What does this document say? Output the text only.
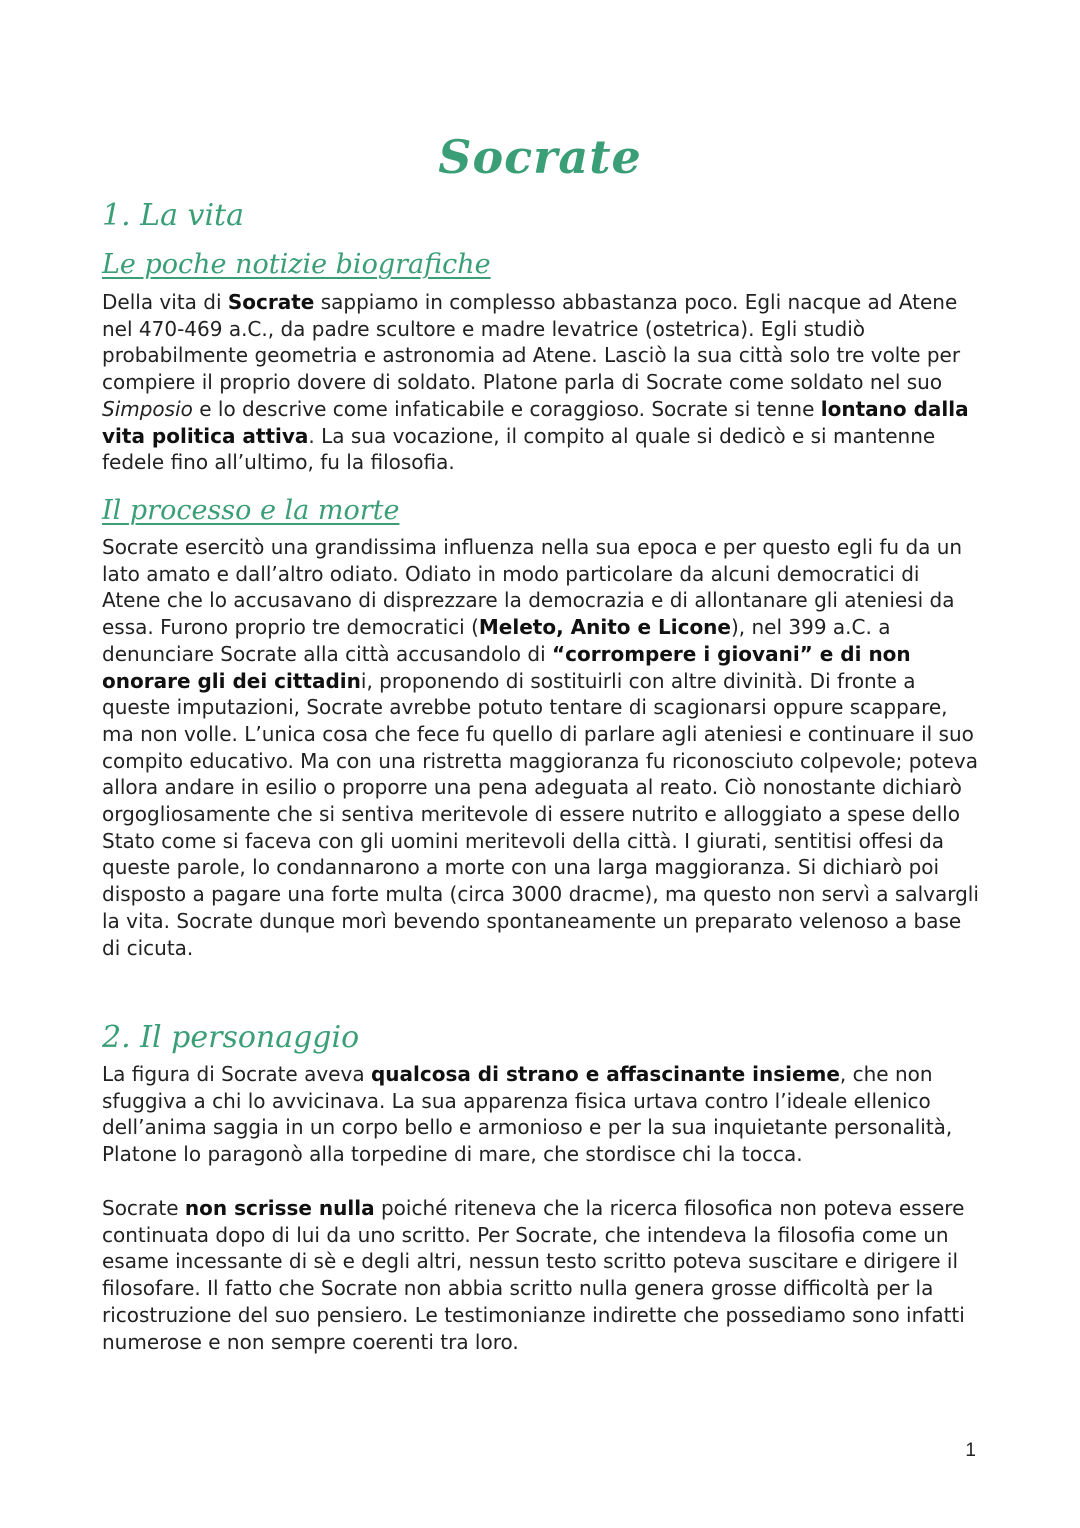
Socrate
1. La vita
Le poche notizie biografiche

Della vita di Socrate sappiamo in complesso abbastanza poco. Egli nacque ad Atene nel 470-469 a.C., da padre scultore e madre levatrice (ostetrica). Egli studiò probabilmente geometria e astronomia ad Atene. Lasciò la sua città solo tre volte per compiere il proprio dovere di soldato. Platone parla di Socrate come soldato nel suo Simposio e lo descrive come infaticabile e coraggioso. Socrate si tenne lontano dalla vita politica attiva. La sua vocazione, il compito al quale si dedicò e si mantenne fedele fino all’ultimo, fu la filosofia.

Il processo e la morte

Socrate esercitò una grandissima influenza nella sua epoca e per questo egli fu da un lato amato e dall’altro odiato. Odiato in modo particolare da alcuni democratici di Atene che lo accusavano di disprezzare la democrazia e di allontanare gli ateniesi da essa. Furono proprio tre democratici (Meleto, Anito e Licone), nel 399 a.C. a denunciare Socrate alla città accusandolo di “corrompere i giovani” e di non onorare gli dei cittadini, proponendo di sostituirli con altre divinità. Di fronte a queste imputazioni, Socrate avrebbe potuto tentare di scagionarsi oppure scappare, ma non volle. L’unica cosa che fece fu quello di parlare agli ateniesi e continuare il suo compito educativo. Ma con una ristretta maggioranza fu riconosciuto colpevole; poteva allora andare in esilio o proporre una pena adeguata al reato. Ciò nonostante dichiarò orgogliosamente che si sentiva meritevole di essere nutrito e alloggiato a spese dello Stato come si faceva con gli uomini meritevoli della città. I giurati, sentitisi offesi da queste parole, lo condannarono a morte con una larga maggioranza. Si dichiarò poi disposto a pagare una forte multa (circa 3000 dracme), ma questo non servì a salvargli la vita. Socrate dunque morì bevendo spontaneamente un preparato velenoso a base di cicuta.

2. Il personaggio

La figura di Socrate aveva qualcosa di strano e affascinante insieme, che non sfuggiva a chi lo avvicinava. La sua apparenza fisica urtava contro l’ideale ellenico dell’anima saggia in un corpo bello e armonioso e per la sua inquietante personalità, Platone lo paragonò alla torpedine di mare, che stordisce chi la tocca.

Socrate non scrisse nulla poiché riteneva che la ricerca filosofica non poteva essere continuata dopo di lui da uno scritto. Per Socrate, che intendeva la filosofia come un esame incessante di sè e degli altri, nessun testo scritto poteva suscitare e dirigere il filosofare. Il fatto che Socrate non abbia scritto nulla genera grosse difficoltà per la ricostruzione del suo pensiero. Le testimonianze indirette che possediamo sono infatti numerose e non sempre coerenti tra loro.

1
